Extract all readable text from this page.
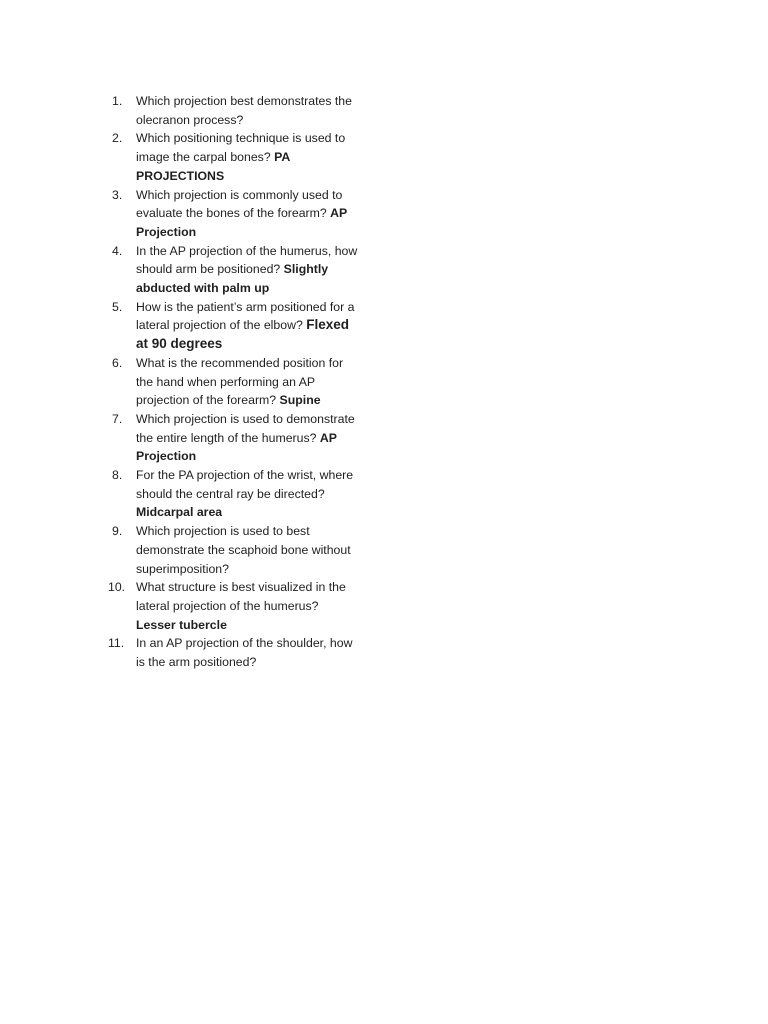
1.	Which projection best demonstrates the olecranon process?
2.	Which positioning technique is used to image the carpal bones? PA PROJECTIONS
3.	Which projection is commonly used to evaluate the bones of the forearm? AP Projection
4.	In the AP projection of the humerus, how should arm be positioned? Slightly abducted with palm up
5.	How is the patient’s arm positioned for a lateral projection of the elbow? Flexed at 90 degrees
6.	What is the recommended position for the hand when performing an AP projection of the forearm? Supine
7.	Which projection is used to demonstrate the entire length of the humerus? AP Projection
8.	For the PA projection of the wrist, where should the central ray be directed? Midcarpal area
9.	Which projection is used to best demonstrate the scaphoid bone without superimposition?
10. What structure is best visualized in the lateral projection of the humerus? Lesser tubercle
11. In an AP projection of the shoulder, how is the arm positioned?
